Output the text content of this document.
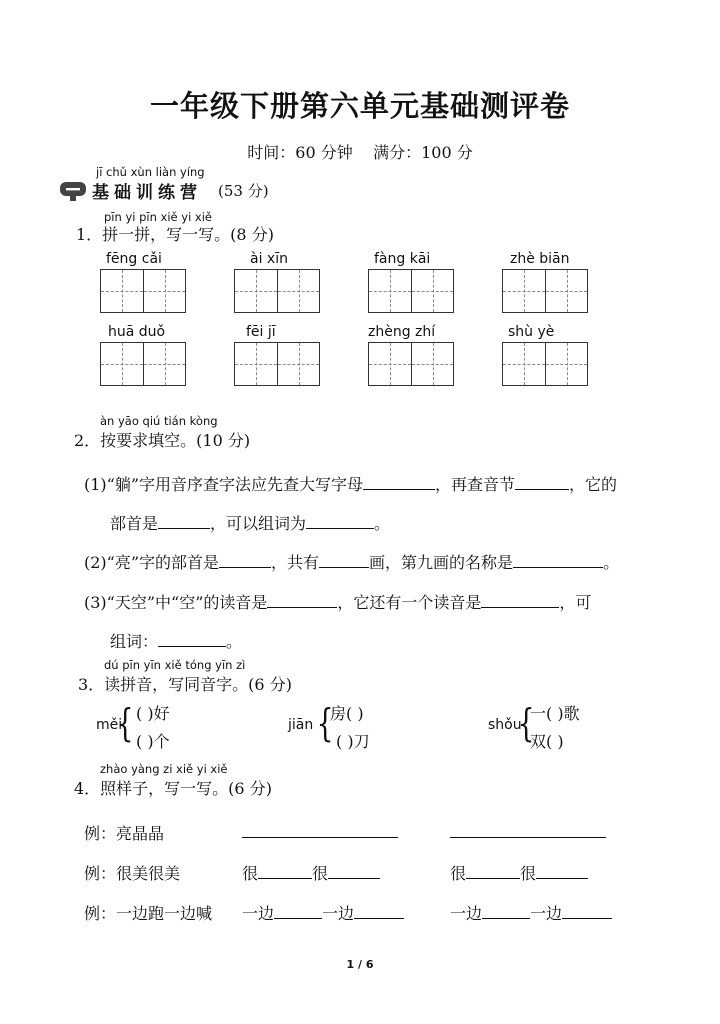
一年级下册第六单元基础测评卷
时间：60 分钟 满分：100 分
jī chǔ xùn liàn yíng
基础训练营 (53 分)
pīn yi pīn xiě yi xiě
1．拼一拼，写一写。(8 分)
fēng cǎi	ài xīn	fàng kāi	zhè biān
huā duǒ	fēi jī	zhèng zhí	shù yè
àn yāo qiú tián kòng
2．按要求填空。(10 分)
(1)“躺”字用音序查字法应先查大写字母	，再查音节	，它的
部首是	，可以组词为	。
(2)“亮”字的部首是	，共有	画，第九画的名称是	。
(3)“天空”中“空”的读音是	，它还有一个读音是	，可
组词：	。
dú pīn yīn xiě tóng yīn zì
3．读拼音，写同音字。(6 分)
měi
{ ( )好
( )个
jiān {
房( )
( )刀
shǒu
{
一( )歌
双( )
zhào yàng zi xiě yi xiě
4．照样子，写一写。(6 分)
例：亮晶晶
例：很美很美	很	很	很	很
例：一边跑一边喊 一边	一边	一边	一边
1 / 6
